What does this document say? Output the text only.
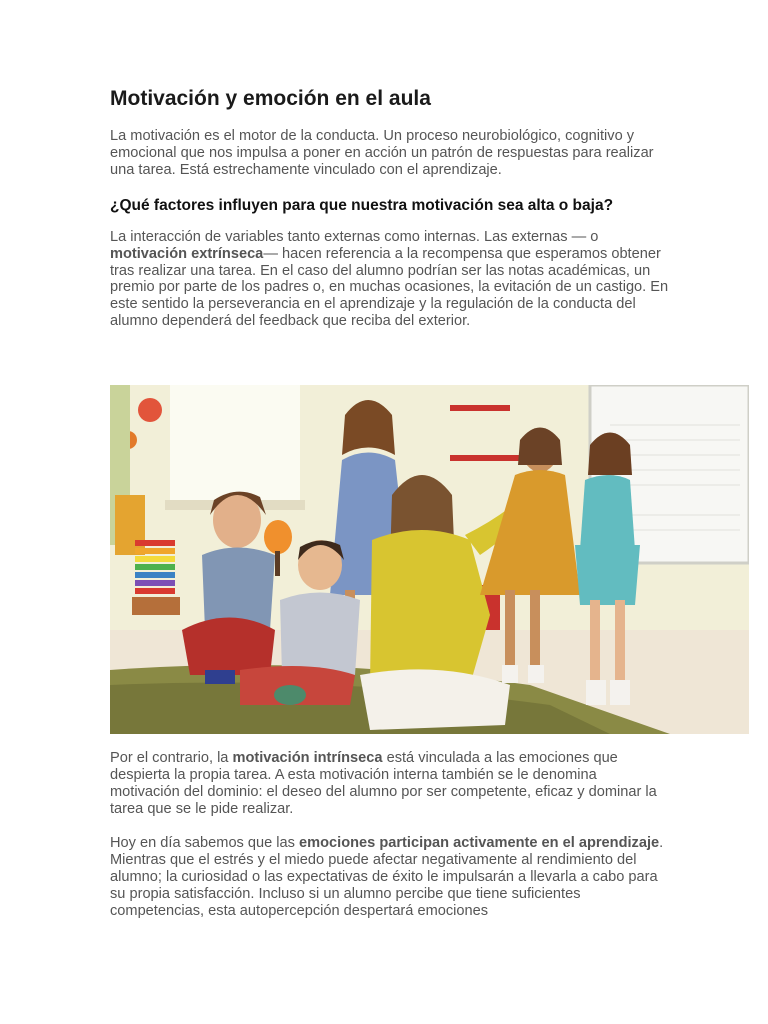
Motivación y emoción en el aula

La motivación es el motor de la conducta. Un proceso neurobiológico, cognitivo y emocional que nos impulsa a poner en acción un patrón de respuestas para realizar una tarea. Está estrechamente vinculado con el aprendizaje.

¿Qué factores influyen para que nuestra motivación sea alta o baja?

La interacción de variables tanto externas como internas. Las externas — o motivación extrínseca— hacen referencia a la recompensa que esperamos obtener tras realizar una tarea. En el caso del alumno podrían ser las notas académicas, un premio por parte de los padres o, en muchas ocasiones, la evitación de un castigo. En este sentido la perseverancia en el aprendizaje y la regulación de la conducta del alumno dependerá del feedback que reciba del exterior.

Por el contrario, la motivación intrínseca está vinculada a las emociones que despierta la propia tarea. A esta motivación interna también se le denomina motivación del dominio: el deseo del alumno por ser competente, eficaz y dominar la tarea que se le pide realizar.

Hoy en día sabemos que las emociones participan activamente en el aprendizaje. Mientras que el estrés y el miedo puede afectar negativamente al rendimiento del alumno; la curiosidad o las expectativas de éxito le impulsarán a llevarla a cabo para su propia satisfacción. Incluso si un alumno percibe que tiene suficientes competencias, esta autopercepción despertará emociones
